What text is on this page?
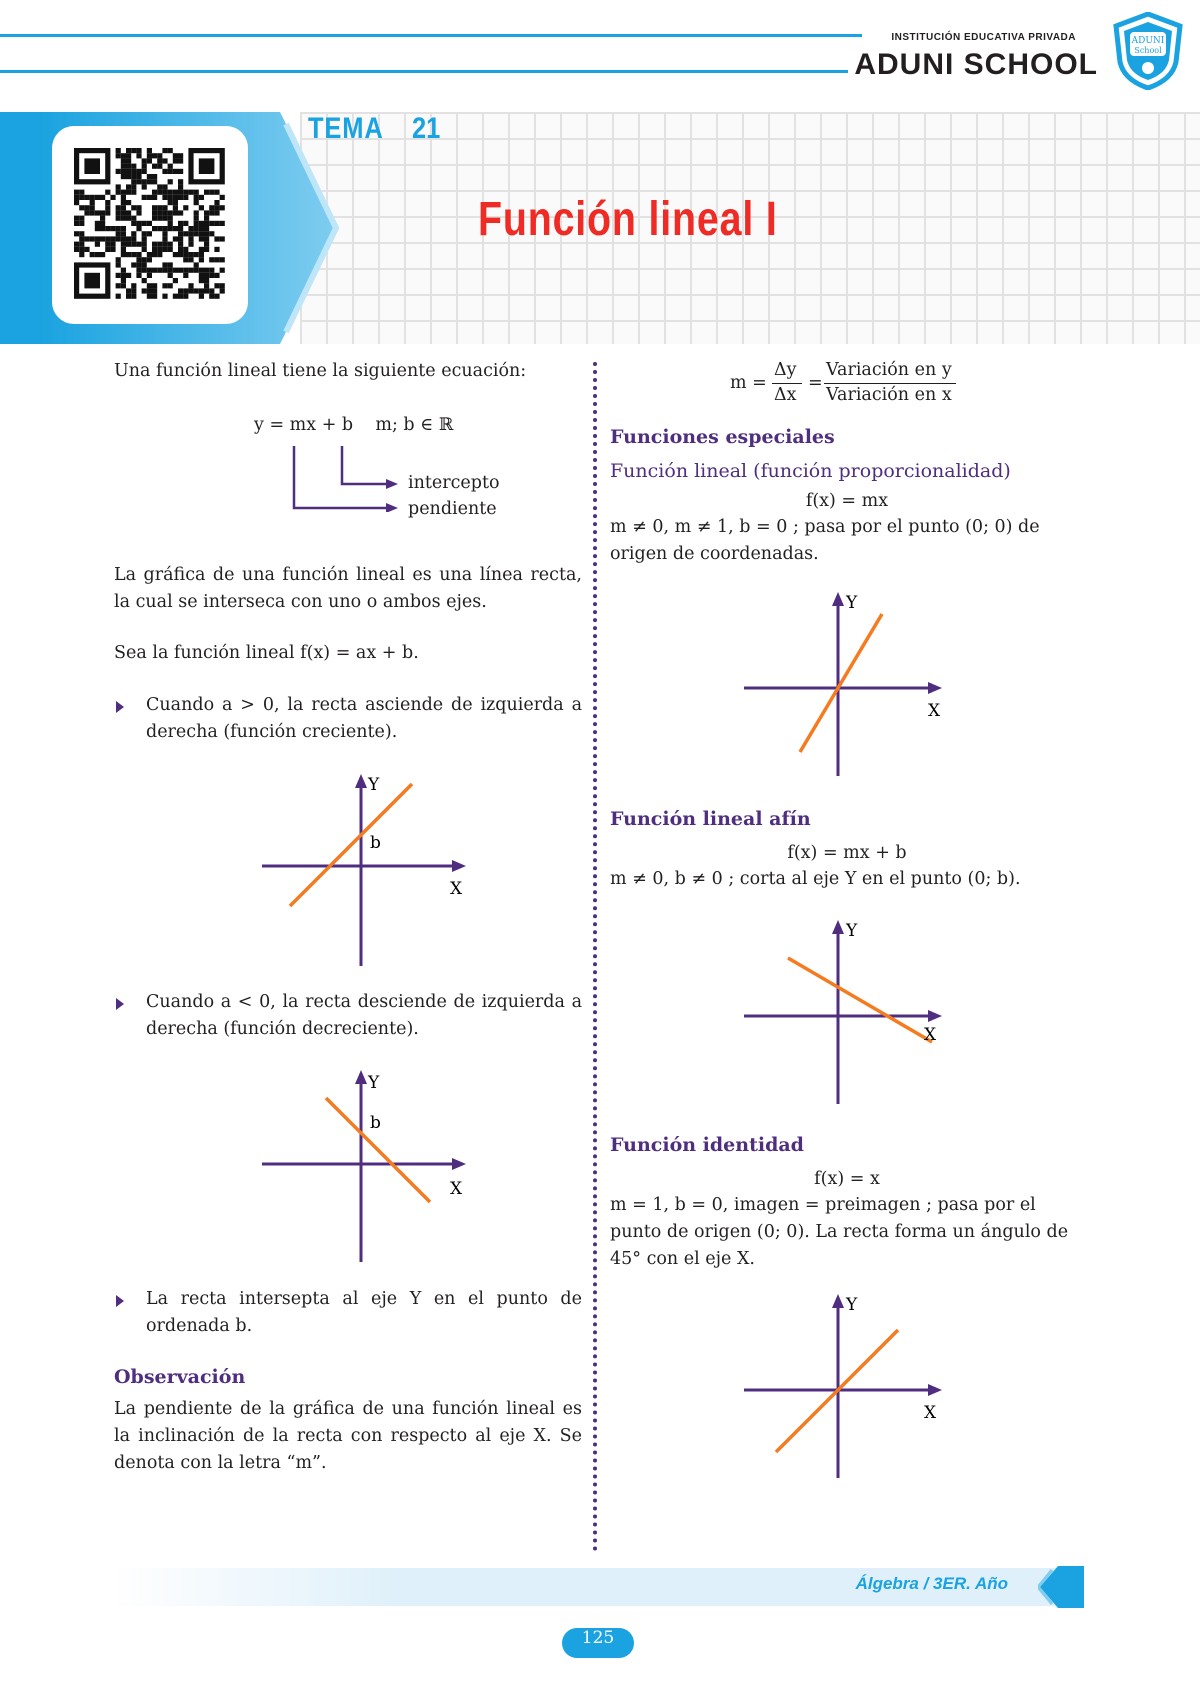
INSTITUCIÓN EDUCATIVA PRIVADA
ADUNI SCHOOL
ADUNI
School
TEMA 21
Función lineal I
Una función lineal tiene la siguiente ecuación:
y = mx + b    m; b ∈ ℝ
intercepto
pendiente
La gráfica de una función lineal es una línea recta, la cual se interseca con uno o ambos ejes.
Sea la función lineal f(x) = ax + b.
Cuando a > 0, la recta asciende de izquierda a derecha (función creciente).
Y
X
b
Cuando a < 0, la recta desciende de izquierda a derecha (función decreciente).
Y
X
b
La recta intersepta al eje Y en el punto de ordenada b.
Observación
La pendiente de la gráfica de una función lineal es la inclinación de la recta con respecto al eje X. Se denota con la letra “m”.
m =
Δy
Δx
=
Variación en y
Variación en x
Funciones especiales
Función lineal (función proporcionalidad)
f(x) = mx
m ≠ 0, m ≠ 1, b = 0 ; pasa por el punto (0; 0) de origen de coordenadas.
Y
X
Función lineal afín
f(x) = mx + b
m ≠ 0, b ≠ 0 ; corta al eje Y en el punto (0; b).
Y
X
Función identidad
f(x) = x
m = 1, b = 0, imagen = preimagen ; pasa por el punto de origen (0; 0). La recta forma un ángulo de 45° con el eje X.
Y
X
Álgebra / 3ER. Año
125
